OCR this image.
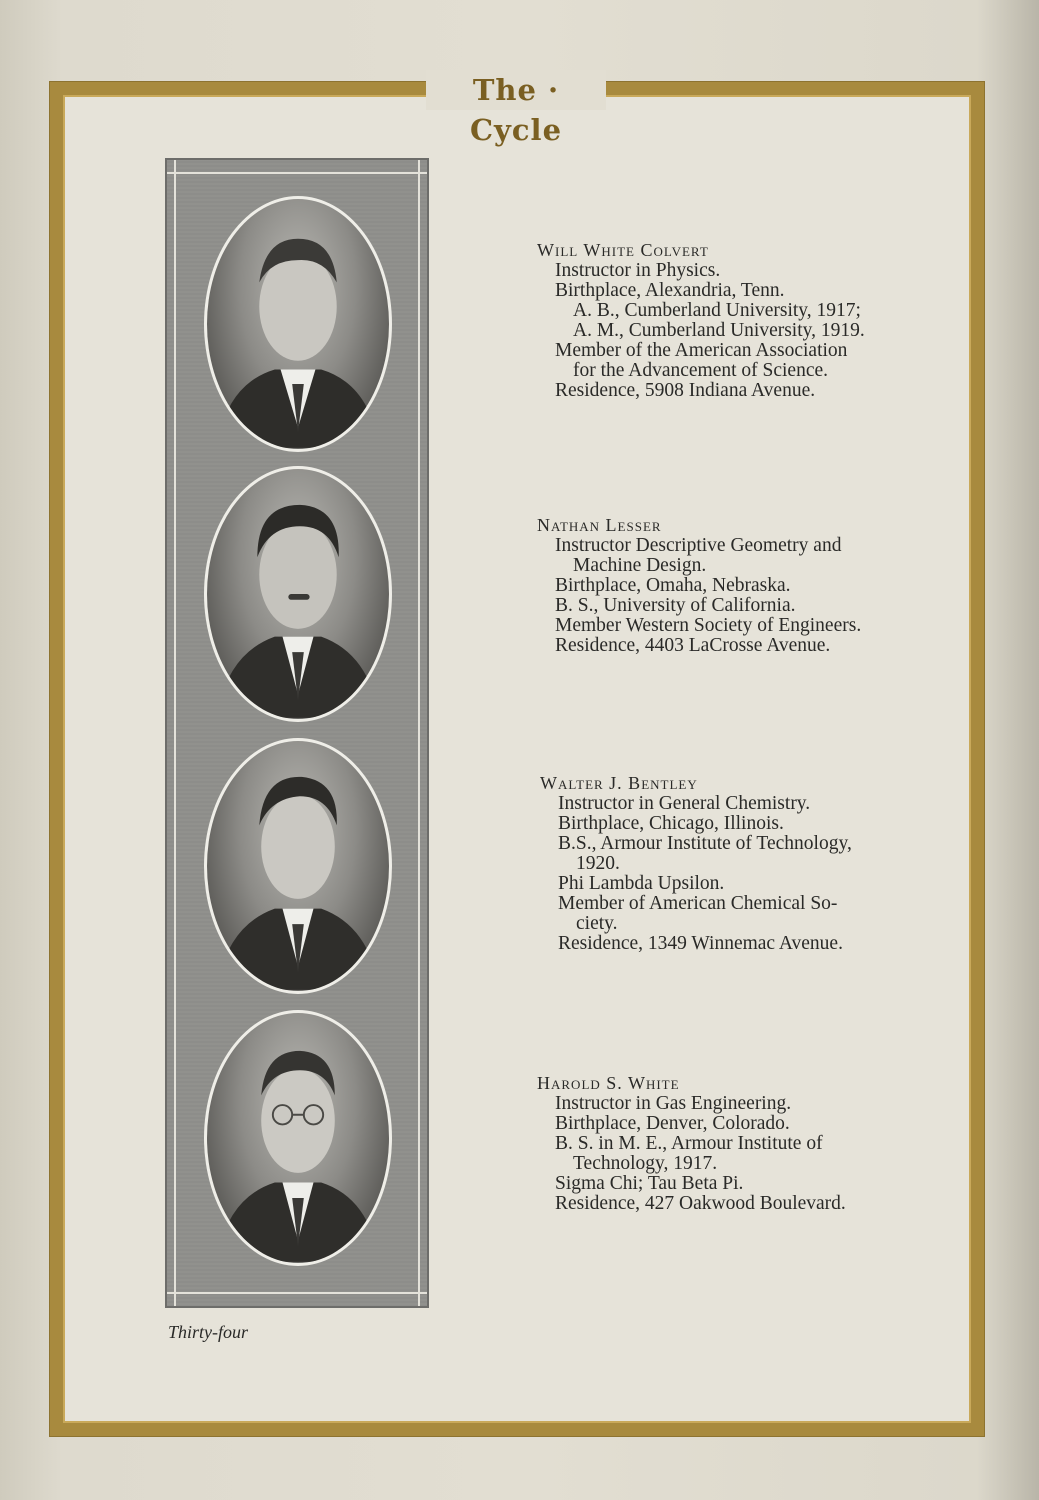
The · Cycle
Will White Colvert
Instructor in Physics.
Birthplace, Alexandria, Tenn.
A. B., Cumberland University, 1917;
A. M., Cumberland University, 1919.
Member of the American Association
for the Advancement of Science.
Residence, 5908 Indiana Avenue.
Nathan Lesser
Instructor Descriptive Geometry and
Machine Design.
Birthplace, Omaha, Nebraska.
B. S., University of California.
Member Western Society of Engineers.
Residence, 4403 LaCrosse Avenue.
Walter J. Bentley
Instructor in General Chemistry.
Birthplace, Chicago, Illinois.
B.S., Armour Institute of Technology,
1920.
Phi Lambda Upsilon.
Member of American Chemical So-
ciety.
Residence, 1349 Winnemac Avenue.
Harold S. White
Instructor in Gas Engineering.
Birthplace, Denver, Colorado.
B. S. in M. E., Armour Institute of
Technology, 1917.
Sigma Chi; Tau Beta Pi.
Residence, 427 Oakwood Boulevard.
Thirty-four
